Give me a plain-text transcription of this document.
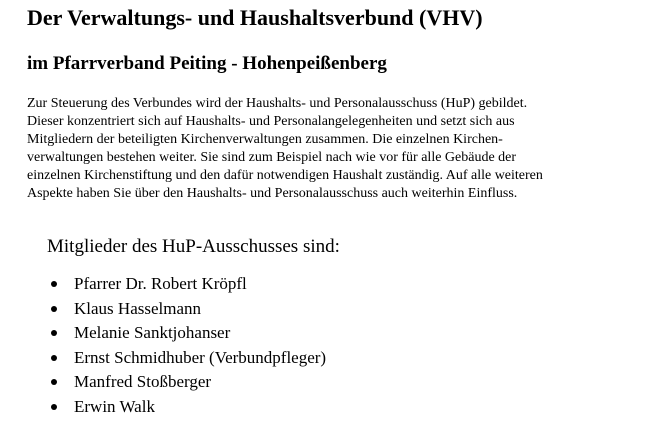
Der Verwaltungs- und Haushaltsverbund (VHV)
im Pfarrverband Peiting - Hohenpeißenberg

Zur Steuerung des Verbundes wird der Haushalts- und Personalausschuss (HuP) gebildet.
Dieser konzentriert sich auf Haushalts- und Personalangelegenheiten und setzt sich aus
Mitgliedern der beteiligten Kirchenverwaltungen zusammen. Die einzelnen Kirchen-
verwaltungen bestehen weiter. Sie sind zum Beispiel nach wie vor für alle Gebäude der
einzelnen Kirchenstiftung und den dafür notwendigen Haushalt zuständig. Auf alle weiteren
Aspekte haben Sie über den Haushalts- und Personalausschuss auch weiterhin Einfluss.

Mitglieder des HuP-Ausschusses sind:
Pfarrer Dr. Robert Kröpfl
Klaus Hasselmann
Melanie Sanktjohanser
Ernst Schmidhuber (Verbundpfleger)
Manfred Stoßberger
Erwin Walk
